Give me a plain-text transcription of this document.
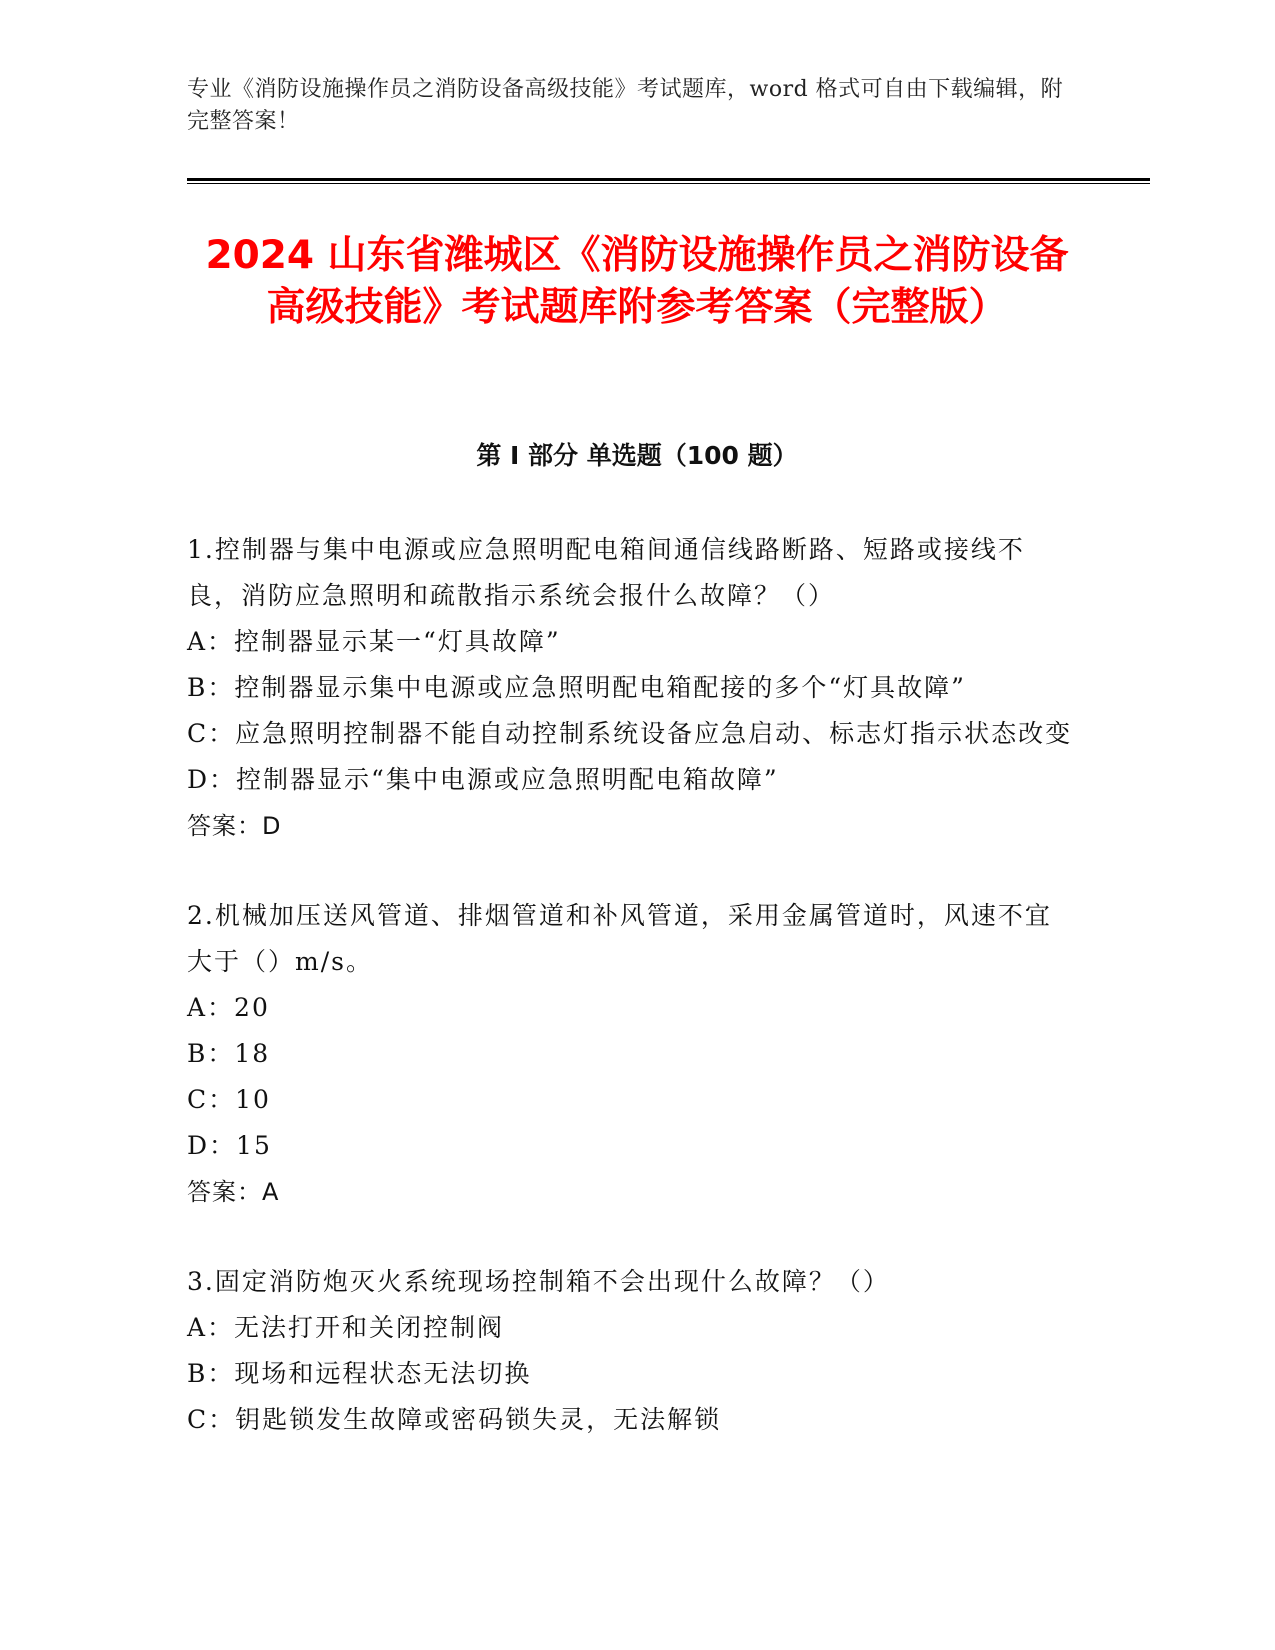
专业《消防设施操作员之消防设备高级技能》考试题库，word 格式可自由下载编辑，附完整答案！
2024 山东省潍城区《消防设施操作员之消防设备高级技能》考试题库附参考答案（完整版）
第 I 部分 单选题（100 题）

1.控制器与集中电源或应急照明配电箱间通信线路断路、短路或接线不良，消防应急照明和疏散指示系统会报什么故障？（）

A：控制器显示某一“灯具故障”

B：控制器显示集中电源或应急照明配电箱配接的多个“灯具故障”

C：应急照明控制器不能自动控制系统设备应急启动、标志灯指示状态改变

D：控制器显示“集中电源或应急照明配电箱故障”

答案：D

2.机械加压送风管道、排烟管道和补风管道，采用金属管道时，风速不宜大于（）m/s。

A：20

B：18

C：10

D：15

答案：A

3.固定消防炮灭火系统现场控制箱不会出现什么故障？（）

A：无法打开和关闭控制阀

B：现场和远程状态无法切换

C：钥匙锁发生故障或密码锁失灵，无法解锁
